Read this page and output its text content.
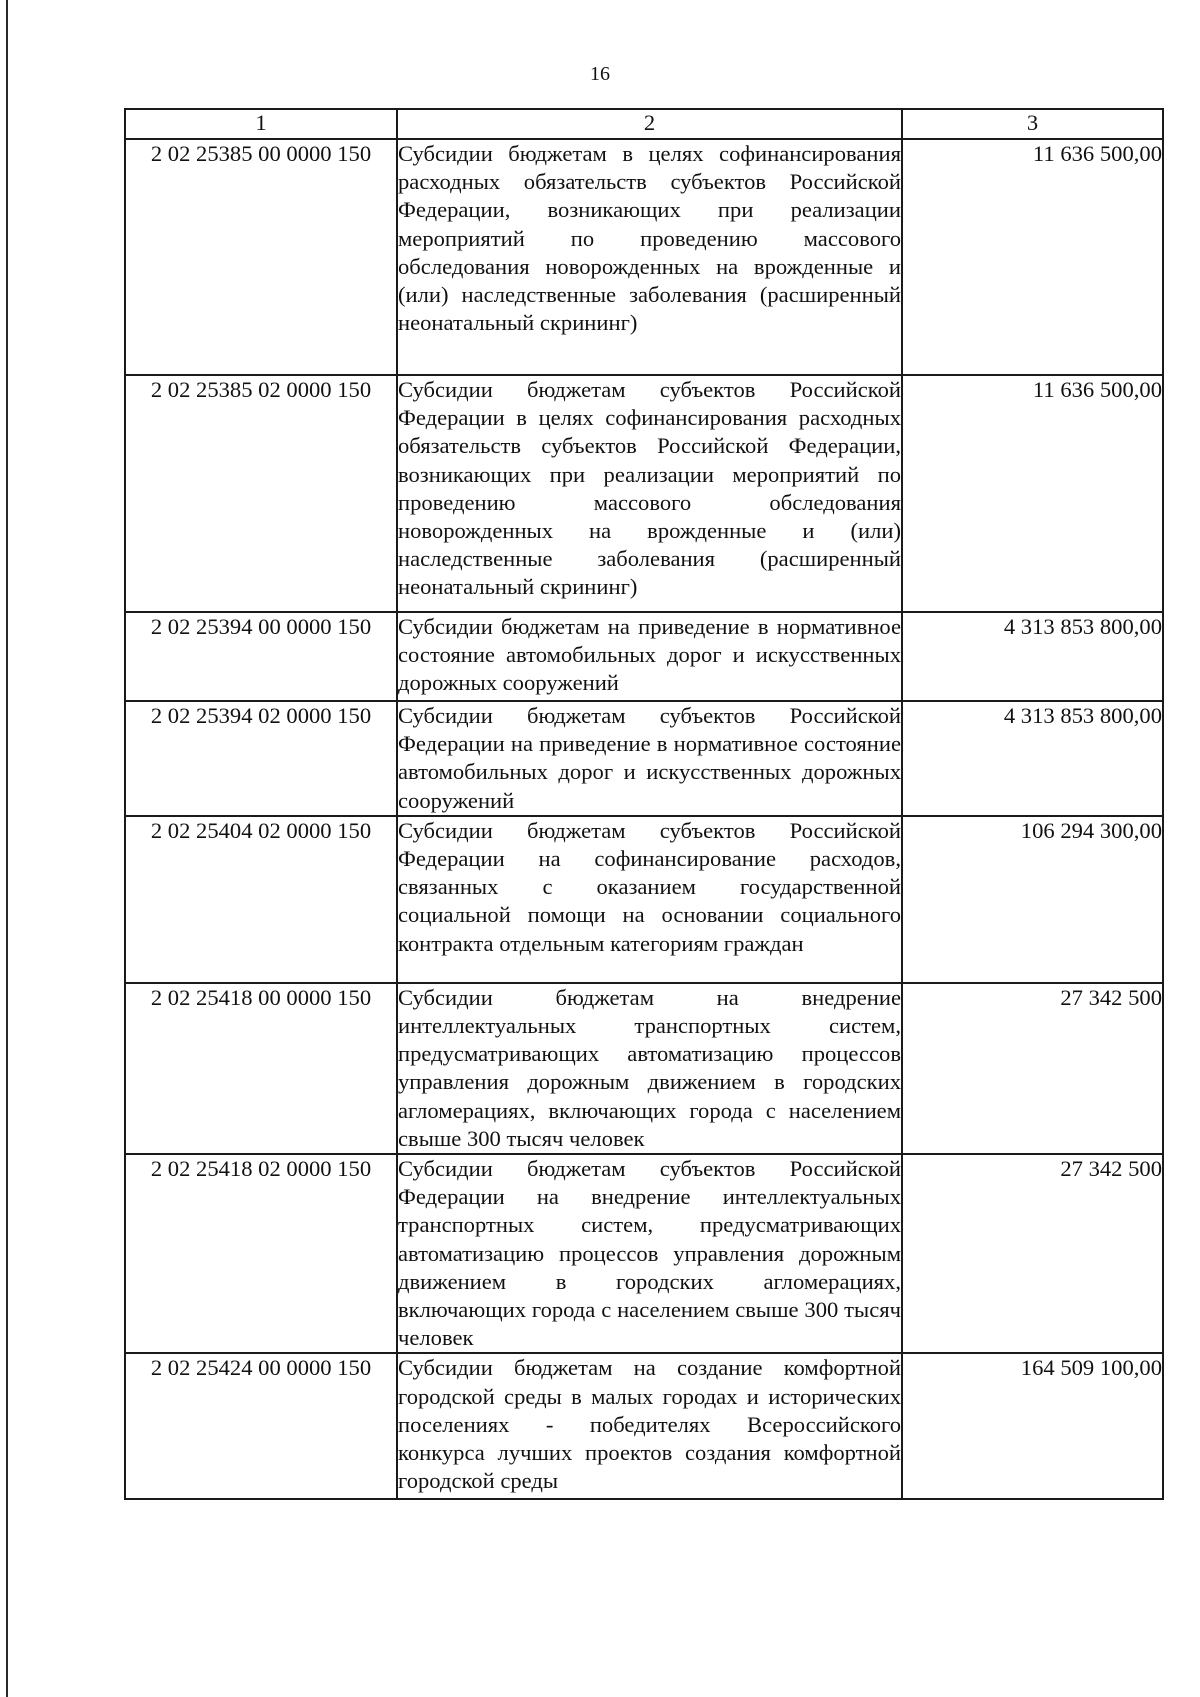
16
1	2	3
2 02 25385 00 0000 150	Субсидии бюджетам в целях софинансирования расходных обязательств субъектов Российской Федерации, возникающих при реализации мероприятий по проведению массового обследования новорожденных на врожденные и (или) наследственные заболевания (расширенный неонатальный скрининг)	11 636 500,00
2 02 25385 02 0000 150	Субсидии бюджетам субъектов Российской Федерации в целях софинансирования расходных обязательств субъектов Российской Федерации, возникающих при реализации мероприятий по проведению массового обследования новорожденных на врожденные и (или) наследственные заболевания (расширенный неонатальный скрининг)	11 636 500,00
2 02 25394 00 0000 150	Субсидии бюджетам на приведение в нормативное состояние автомобильных дорог и искусственных дорожных сооружений	4 313 853 800,00
2 02 25394 02 0000 150	Субсидии бюджетам субъектов Российской Федерации на приведение в нормативное состояние автомобильных дорог и искусственных дорожных сооружений	4 313 853 800,00
2 02 25404 02 0000 150	Субсидии бюджетам субъектов Российской Федерации на софинансирование расходов, связанных с оказанием государственной социальной помощи на основании социального контракта отдельным категориям граждан	106 294 300,00
2 02 25418 00 0000 150	Субсидии бюджетам на внедрение интеллектуальных транспортных систем, предусматривающих автоматизацию процессов управления дорожным движением в городских агломерациях, включающих города с населением свыше 300 тысяч человек	27 342 500
2 02 25418 02 0000 150	Субсидии бюджетам субъектов Российской Федерации на внедрение интеллектуальных транспортных систем, предусматривающих автоматизацию процессов управления дорожным движением в городских агломерациях, включающих города с населением свыше 300 тысяч человек	27 342 500
2 02 25424 00 0000 150	Субсидии бюджетам на создание комфортной городской среды в малых городах и исторических поселениях - победителях Всероссийского конкурса лучших проектов создания комфортной городской среды	164 509 100,00
